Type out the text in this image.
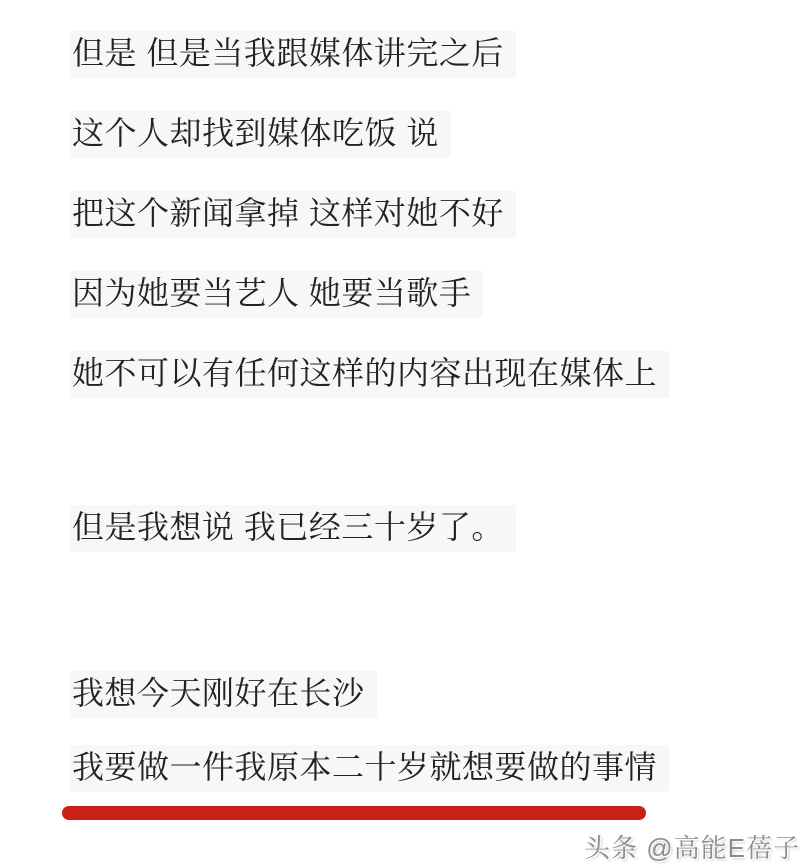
但是 但是当我跟媒体讲完之后
这个人却找到媒体吃饭 说
把这个新闻拿掉 这样对她不好
因为她要当艺人 她要当歌手
她不可以有任何这样的内容出现在媒体上
但是我想说 我已经三十岁了。
我想今天刚好在长沙
我要做一件我原本二十岁就想要做的事情
头条 @高能E蓓子
